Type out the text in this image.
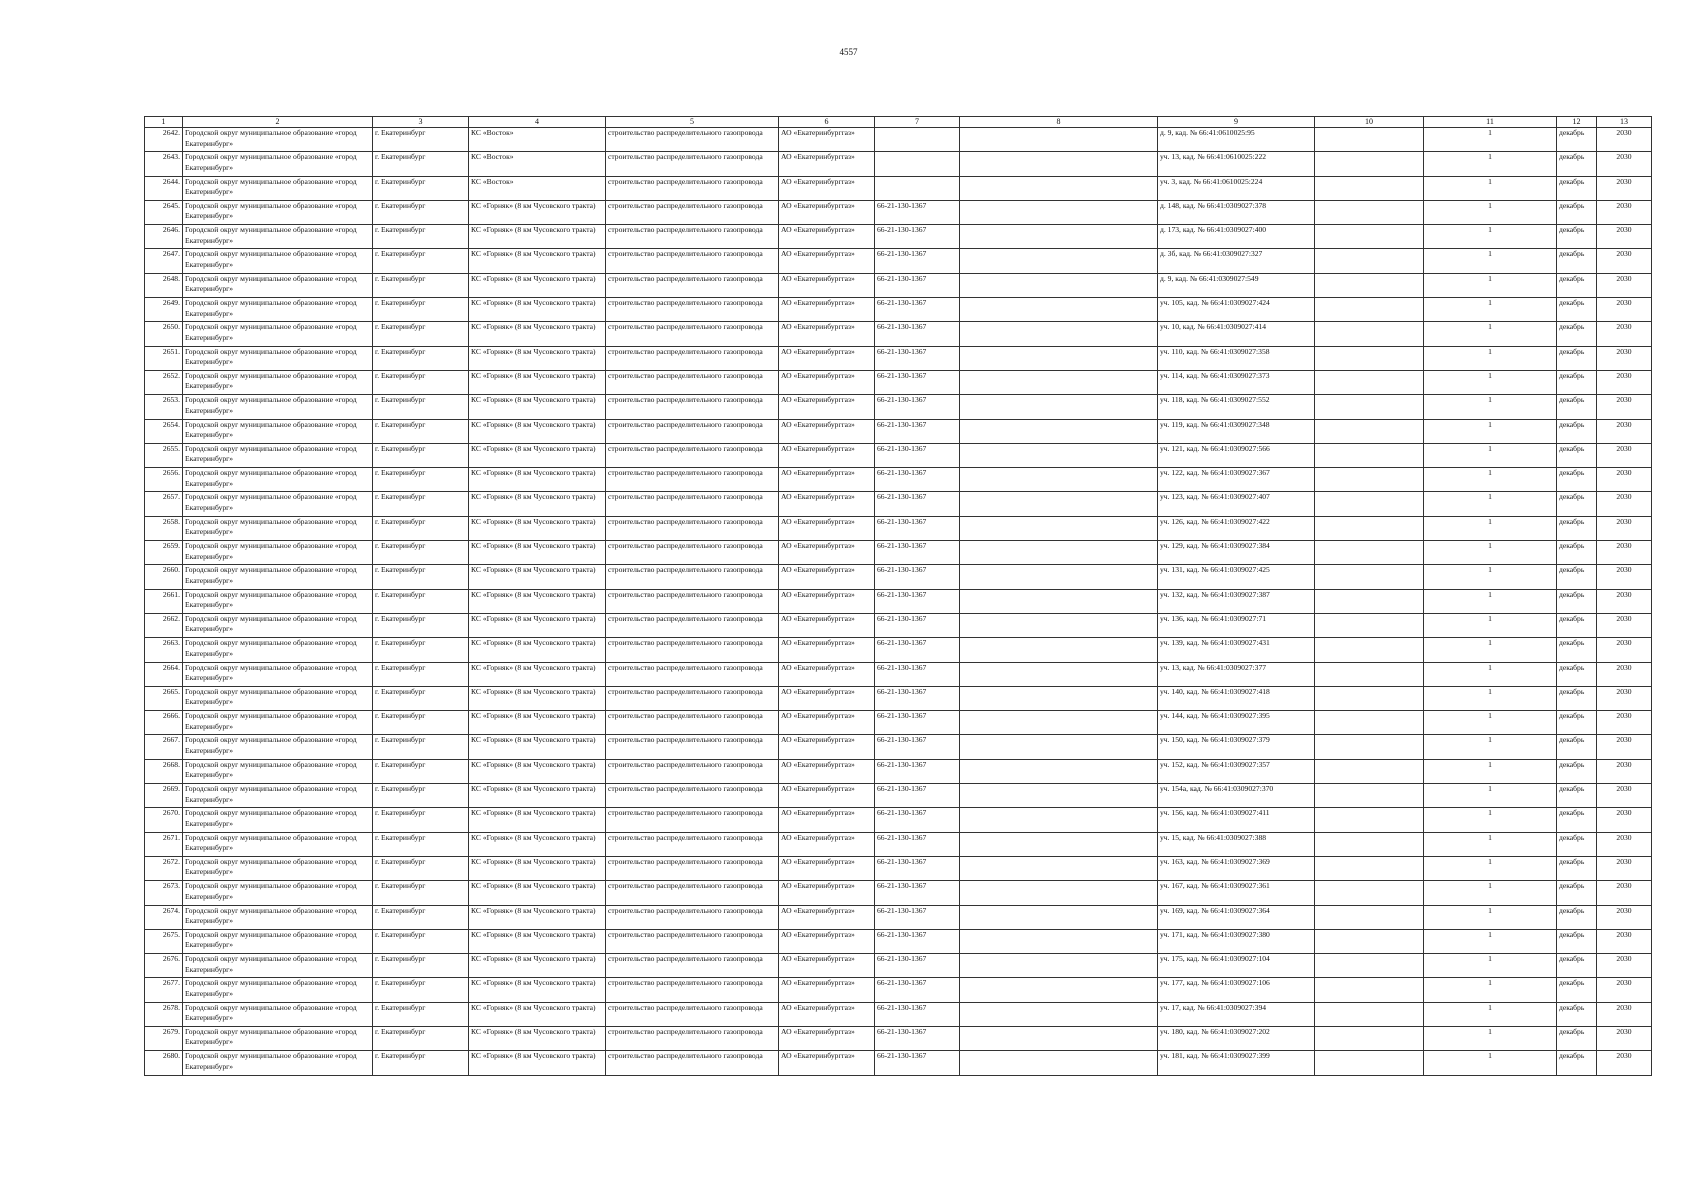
4557
1	2	3	4	5	6	7	8	9	10	11	12	13
2642.	Городской округ муниципальное образование «город Екатеринбург»	г. Екатеринбург	КС «Восток»	строительство распределительного газопровода	АО «Екатеринбурггаз»			д. 9, кад. № 66:41:0610025:95		1	декабрь	2030
2643.	Городской округ муниципальное образование «город Екатеринбург»	г. Екатеринбург	КС «Восток»	строительство распределительного газопровода	АО «Екатеринбурггаз»			уч. 13, кад. № 66:41:0610025:222		1	декабрь	2030
2644.	Городской округ муниципальное образование «город Екатеринбург»	г. Екатеринбург	КС «Восток»	строительство распределительного газопровода	АО «Екатеринбурггаз»			уч. 3, кад. № 66:41:0610025:224		1	декабрь	2030
2645.	Городской округ муниципальное образование «город Екатеринбург»	г. Екатеринбург	КС «Горняк» (8 км Чусовского тракта)	строительство распределительного газопровода	АО «Екатеринбурггаз»	66-21-130-1367		д. 148, кад. № 66:41:0309027:378		1	декабрь	2030
2646.	Городской округ муниципальное образование «город Екатеринбург»	г. Екатеринбург	КС «Горняк» (8 км Чусовского тракта)	строительство распределительного газопровода	АО «Екатеринбурггаз»	66-21-130-1367		д. 173, кад. № 66:41:0309027:400		1	декабрь	2030
2647.	Городской округ муниципальное образование «город Екатеринбург»	г. Екатеринбург	КС «Горняк» (8 км Чусовского тракта)	строительство распределительного газопровода	АО «Екатеринбурггаз»	66-21-130-1367		д. 3б, кад. № 66:41:0309027:327		1	декабрь	2030
2648.	Городской округ муниципальное образование «город Екатеринбург»	г. Екатеринбург	КС «Горняк» (8 км Чусовского тракта)	строительство распределительного газопровода	АО «Екатеринбурггаз»	66-21-130-1367		д. 9, кад. № 66:41:0309027:549		1	декабрь	2030
2649.	Городской округ муниципальное образование «город Екатеринбург»	г. Екатеринбург	КС «Горняк» (8 км Чусовского тракта)	строительство распределительного газопровода	АО «Екатеринбурггаз»	66-21-130-1367		уч. 105, кад. № 66:41:0309027:424		1	декабрь	2030
2650.	Городской округ муниципальное образование «город Екатеринбург»	г. Екатеринбург	КС «Горняк» (8 км Чусовского тракта)	строительство распределительного газопровода	АО «Екатеринбурггаз»	66-21-130-1367		уч. 10, кад. № 66:41:0309027:414		1	декабрь	2030
2651.	Городской округ муниципальное образование «город Екатеринбург»	г. Екатеринбург	КС «Горняк» (8 км Чусовского тракта)	строительство распределительного газопровода	АО «Екатеринбурггаз»	66-21-130-1367		уч. 110, кад. № 66:41:0309027:358		1	декабрь	2030
2652.	Городской округ муниципальное образование «город Екатеринбург»	г. Екатеринбург	КС «Горняк» (8 км Чусовского тракта)	строительство распределительного газопровода	АО «Екатеринбурггаз»	66-21-130-1367		уч. 114, кад. № 66:41:0309027:373		1	декабрь	2030
2653.	Городской округ муниципальное образование «город Екатеринбург»	г. Екатеринбург	КС «Горняк» (8 км Чусовского тракта)	строительство распределительного газопровода	АО «Екатеринбурггаз»	66-21-130-1367		уч. 118, кад. № 66:41:0309027:552		1	декабрь	2030
2654.	Городской округ муниципальное образование «город Екатеринбург»	г. Екатеринбург	КС «Горняк» (8 км Чусовского тракта)	строительство распределительного газопровода	АО «Екатеринбурггаз»	66-21-130-1367		уч. 119, кад. № 66:41:0309027:348		1	декабрь	2030
2655.	Городской округ муниципальное образование «город Екатеринбург»	г. Екатеринбург	КС «Горняк» (8 км Чусовского тракта)	строительство распределительного газопровода	АО «Екатеринбурггаз»	66-21-130-1367		уч. 121, кад. № 66:41:0309027:566		1	декабрь	2030
2656.	Городской округ муниципальное образование «город Екатеринбург»	г. Екатеринбург	КС «Горняк» (8 км Чусовского тракта)	строительство распределительного газопровода	АО «Екатеринбурггаз»	66-21-130-1367		уч. 122, кад. № 66:41:0309027:367		1	декабрь	2030
2657.	Городской округ муниципальное образование «город Екатеринбург»	г. Екатеринбург	КС «Горняк» (8 км Чусовского тракта)	строительство распределительного газопровода	АО «Екатеринбурггаз»	66-21-130-1367		уч. 123, кад. № 66:41:0309027:407		1	декабрь	2030
2658.	Городской округ муниципальное образование «город Екатеринбург»	г. Екатеринбург	КС «Горняк» (8 км Чусовского тракта)	строительство распределительного газопровода	АО «Екатеринбурггаз»	66-21-130-1367		уч. 126, кад. № 66:41:0309027:422		1	декабрь	2030
2659.	Городской округ муниципальное образование «город Екатеринбург»	г. Екатеринбург	КС «Горняк» (8 км Чусовского тракта)	строительство распределительного газопровода	АО «Екатеринбурггаз»	66-21-130-1367		уч. 129, кад. № 66:41:0309027:384		1	декабрь	2030
2660.	Городской округ муниципальное образование «город Екатеринбург»	г. Екатеринбург	КС «Горняк» (8 км Чусовского тракта)	строительство распределительного газопровода	АО «Екатеринбурггаз»	66-21-130-1367		уч. 131, кад. № 66:41:0309027:425		1	декабрь	2030
2661.	Городской округ муниципальное образование «город Екатеринбург»	г. Екатеринбург	КС «Горняк» (8 км Чусовского тракта)	строительство распределительного газопровода	АО «Екатеринбурггаз»	66-21-130-1367		уч. 132, кад. № 66:41:0309027:387		1	декабрь	2030
2662.	Городской округ муниципальное образование «город Екатеринбург»	г. Екатеринбург	КС «Горняк» (8 км Чусовского тракта)	строительство распределительного газопровода	АО «Екатеринбурггаз»	66-21-130-1367		уч. 136, кад. № 66:41:0309027:71		1	декабрь	2030
2663.	Городской округ муниципальное образование «город Екатеринбург»	г. Екатеринбург	КС «Горняк» (8 км Чусовского тракта)	строительство распределительного газопровода	АО «Екатеринбурггаз»	66-21-130-1367		уч. 139, кад. № 66:41:0309027:431		1	декабрь	2030
2664.	Городской округ муниципальное образование «город Екатеринбург»	г. Екатеринбург	КС «Горняк» (8 км Чусовского тракта)	строительство распределительного газопровода	АО «Екатеринбурггаз»	66-21-130-1367		уч. 13, кад. № 66:41:0309027:377		1	декабрь	2030
2665.	Городской округ муниципальное образование «город Екатеринбург»	г. Екатеринбург	КС «Горняк» (8 км Чусовского тракта)	строительство распределительного газопровода	АО «Екатеринбурггаз»	66-21-130-1367		уч. 140, кад. № 66:41:0309027:418		1	декабрь	2030
2666.	Городской округ муниципальное образование «город Екатеринбург»	г. Екатеринбург	КС «Горняк» (8 км Чусовского тракта)	строительство распределительного газопровода	АО «Екатеринбурггаз»	66-21-130-1367		уч. 144, кад. № 66:41:0309027:395		1	декабрь	2030
2667.	Городской округ муниципальное образование «город Екатеринбург»	г. Екатеринбург	КС «Горняк» (8 км Чусовского тракта)	строительство распределительного газопровода	АО «Екатеринбурггаз»	66-21-130-1367		уч. 150, кад. № 66:41:0309027:379		1	декабрь	2030
2668.	Городской округ муниципальное образование «город Екатеринбург»	г. Екатеринбург	КС «Горняк» (8 км Чусовского тракта)	строительство распределительного газопровода	АО «Екатеринбурггаз»	66-21-130-1367		уч. 152, кад. № 66:41:0309027:357		1	декабрь	2030
2669.	Городской округ муниципальное образование «город Екатеринбург»	г. Екатеринбург	КС «Горняк» (8 км Чусовского тракта)	строительство распределительного газопровода	АО «Екатеринбурггаз»	66-21-130-1367		уч. 154а, кад. № 66:41:0309027:370		1	декабрь	2030
2670.	Городской округ муниципальное образование «город Екатеринбург»	г. Екатеринбург	КС «Горняк» (8 км Чусовского тракта)	строительство распределительного газопровода	АО «Екатеринбурггаз»	66-21-130-1367		уч. 156, кад. № 66:41:0309027:411		1	декабрь	2030
2671.	Городской округ муниципальное образование «город Екатеринбург»	г. Екатеринбург	КС «Горняк» (8 км Чусовского тракта)	строительство распределительного газопровода	АО «Екатеринбурггаз»	66-21-130-1367		уч. 15, кад. № 66:41:0309027:388		1	декабрь	2030
2672.	Городской округ муниципальное образование «город Екатеринбург»	г. Екатеринбург	КС «Горняк» (8 км Чусовского тракта)	строительство распределительного газопровода	АО «Екатеринбурггаз»	66-21-130-1367		уч. 163, кад. № 66:41:0309027:369		1	декабрь	2030
2673.	Городской округ муниципальное образование «город Екатеринбург»	г. Екатеринбург	КС «Горняк» (8 км Чусовского тракта)	строительство распределительного газопровода	АО «Екатеринбурггаз»	66-21-130-1367		уч. 167, кад. № 66:41:0309027:361		1	декабрь	2030
2674.	Городской округ муниципальное образование «город Екатеринбург»	г. Екатеринбург	КС «Горняк» (8 км Чусовского тракта)	строительство распределительного газопровода	АО «Екатеринбурггаз»	66-21-130-1367		уч. 169, кад. № 66:41:0309027:364		1	декабрь	2030
2675.	Городской округ муниципальное образование «город Екатеринбург»	г. Екатеринбург	КС «Горняк» (8 км Чусовского тракта)	строительство распределительного газопровода	АО «Екатеринбурггаз»	66-21-130-1367		уч. 171, кад. № 66:41:0309027:380		1	декабрь	2030
2676.	Городской округ муниципальное образование «город Екатеринбург»	г. Екатеринбург	КС «Горняк» (8 км Чусовского тракта)	строительство распределительного газопровода	АО «Екатеринбурггаз»	66-21-130-1367		уч. 175, кад. № 66:41:0309027:104		1	декабрь	2030
2677.	Городской округ муниципальное образование «город Екатеринбург»	г. Екатеринбург	КС «Горняк» (8 км Чусовского тракта)	строительство распределительного газопровода	АО «Екатеринбурггаз»	66-21-130-1367		уч. 177, кад. № 66:41:0309027:106		1	декабрь	2030
2678.	Городской округ муниципальное образование «город Екатеринбург»	г. Екатеринбург	КС «Горняк» (8 км Чусовского тракта)	строительство распределительного газопровода	АО «Екатеринбурггаз»	66-21-130-1367		уч. 17, кад. № 66:41:0309027:394		1	декабрь	2030
2679.	Городской округ муниципальное образование «город Екатеринбург»	г. Екатеринбург	КС «Горняк» (8 км Чусовского тракта)	строительство распределительного газопровода	АО «Екатеринбурггаз»	66-21-130-1367		уч. 180, кад. № 66:41:0309027:202		1	декабрь	2030
2680.	Городской округ муниципальное образование «город Екатеринбург»	г. Екатеринбург	КС «Горняк» (8 км Чусовского тракта)	строительство распределительного газопровода	АО «Екатеринбурггаз»	66-21-130-1367		уч. 181, кад. № 66:41:0309027:399		1	декабрь	2030
